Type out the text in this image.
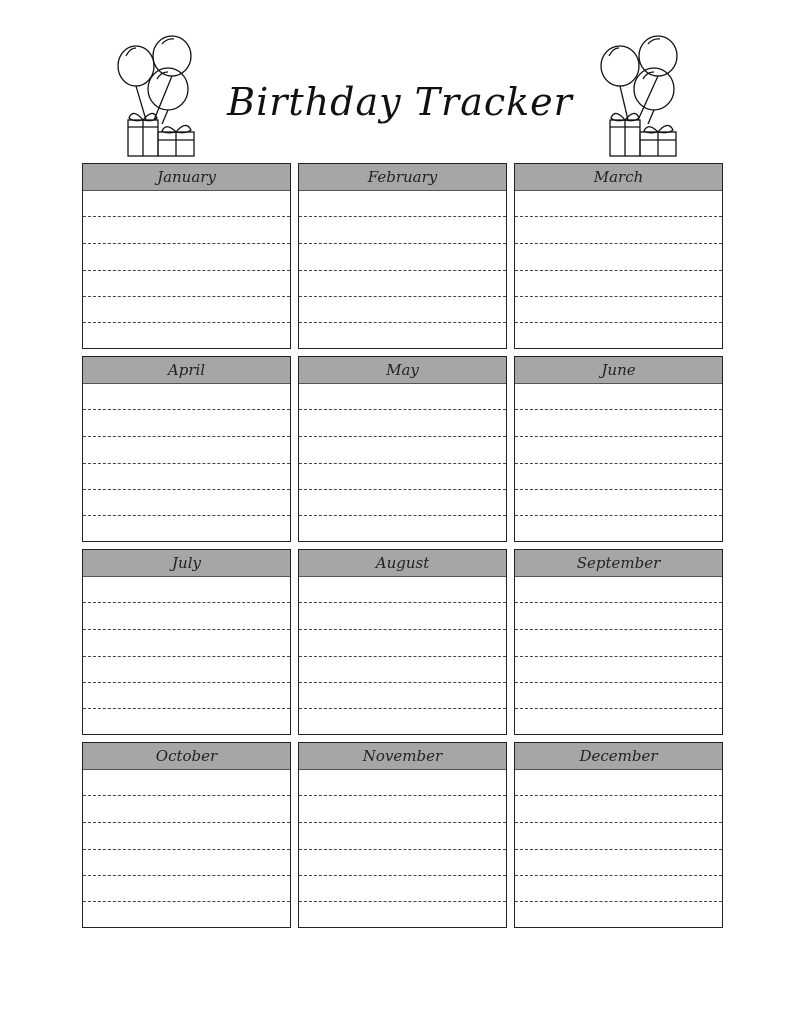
Birthday Tracker
January	February	March
April	May	June
July	August	September
October	November	December
